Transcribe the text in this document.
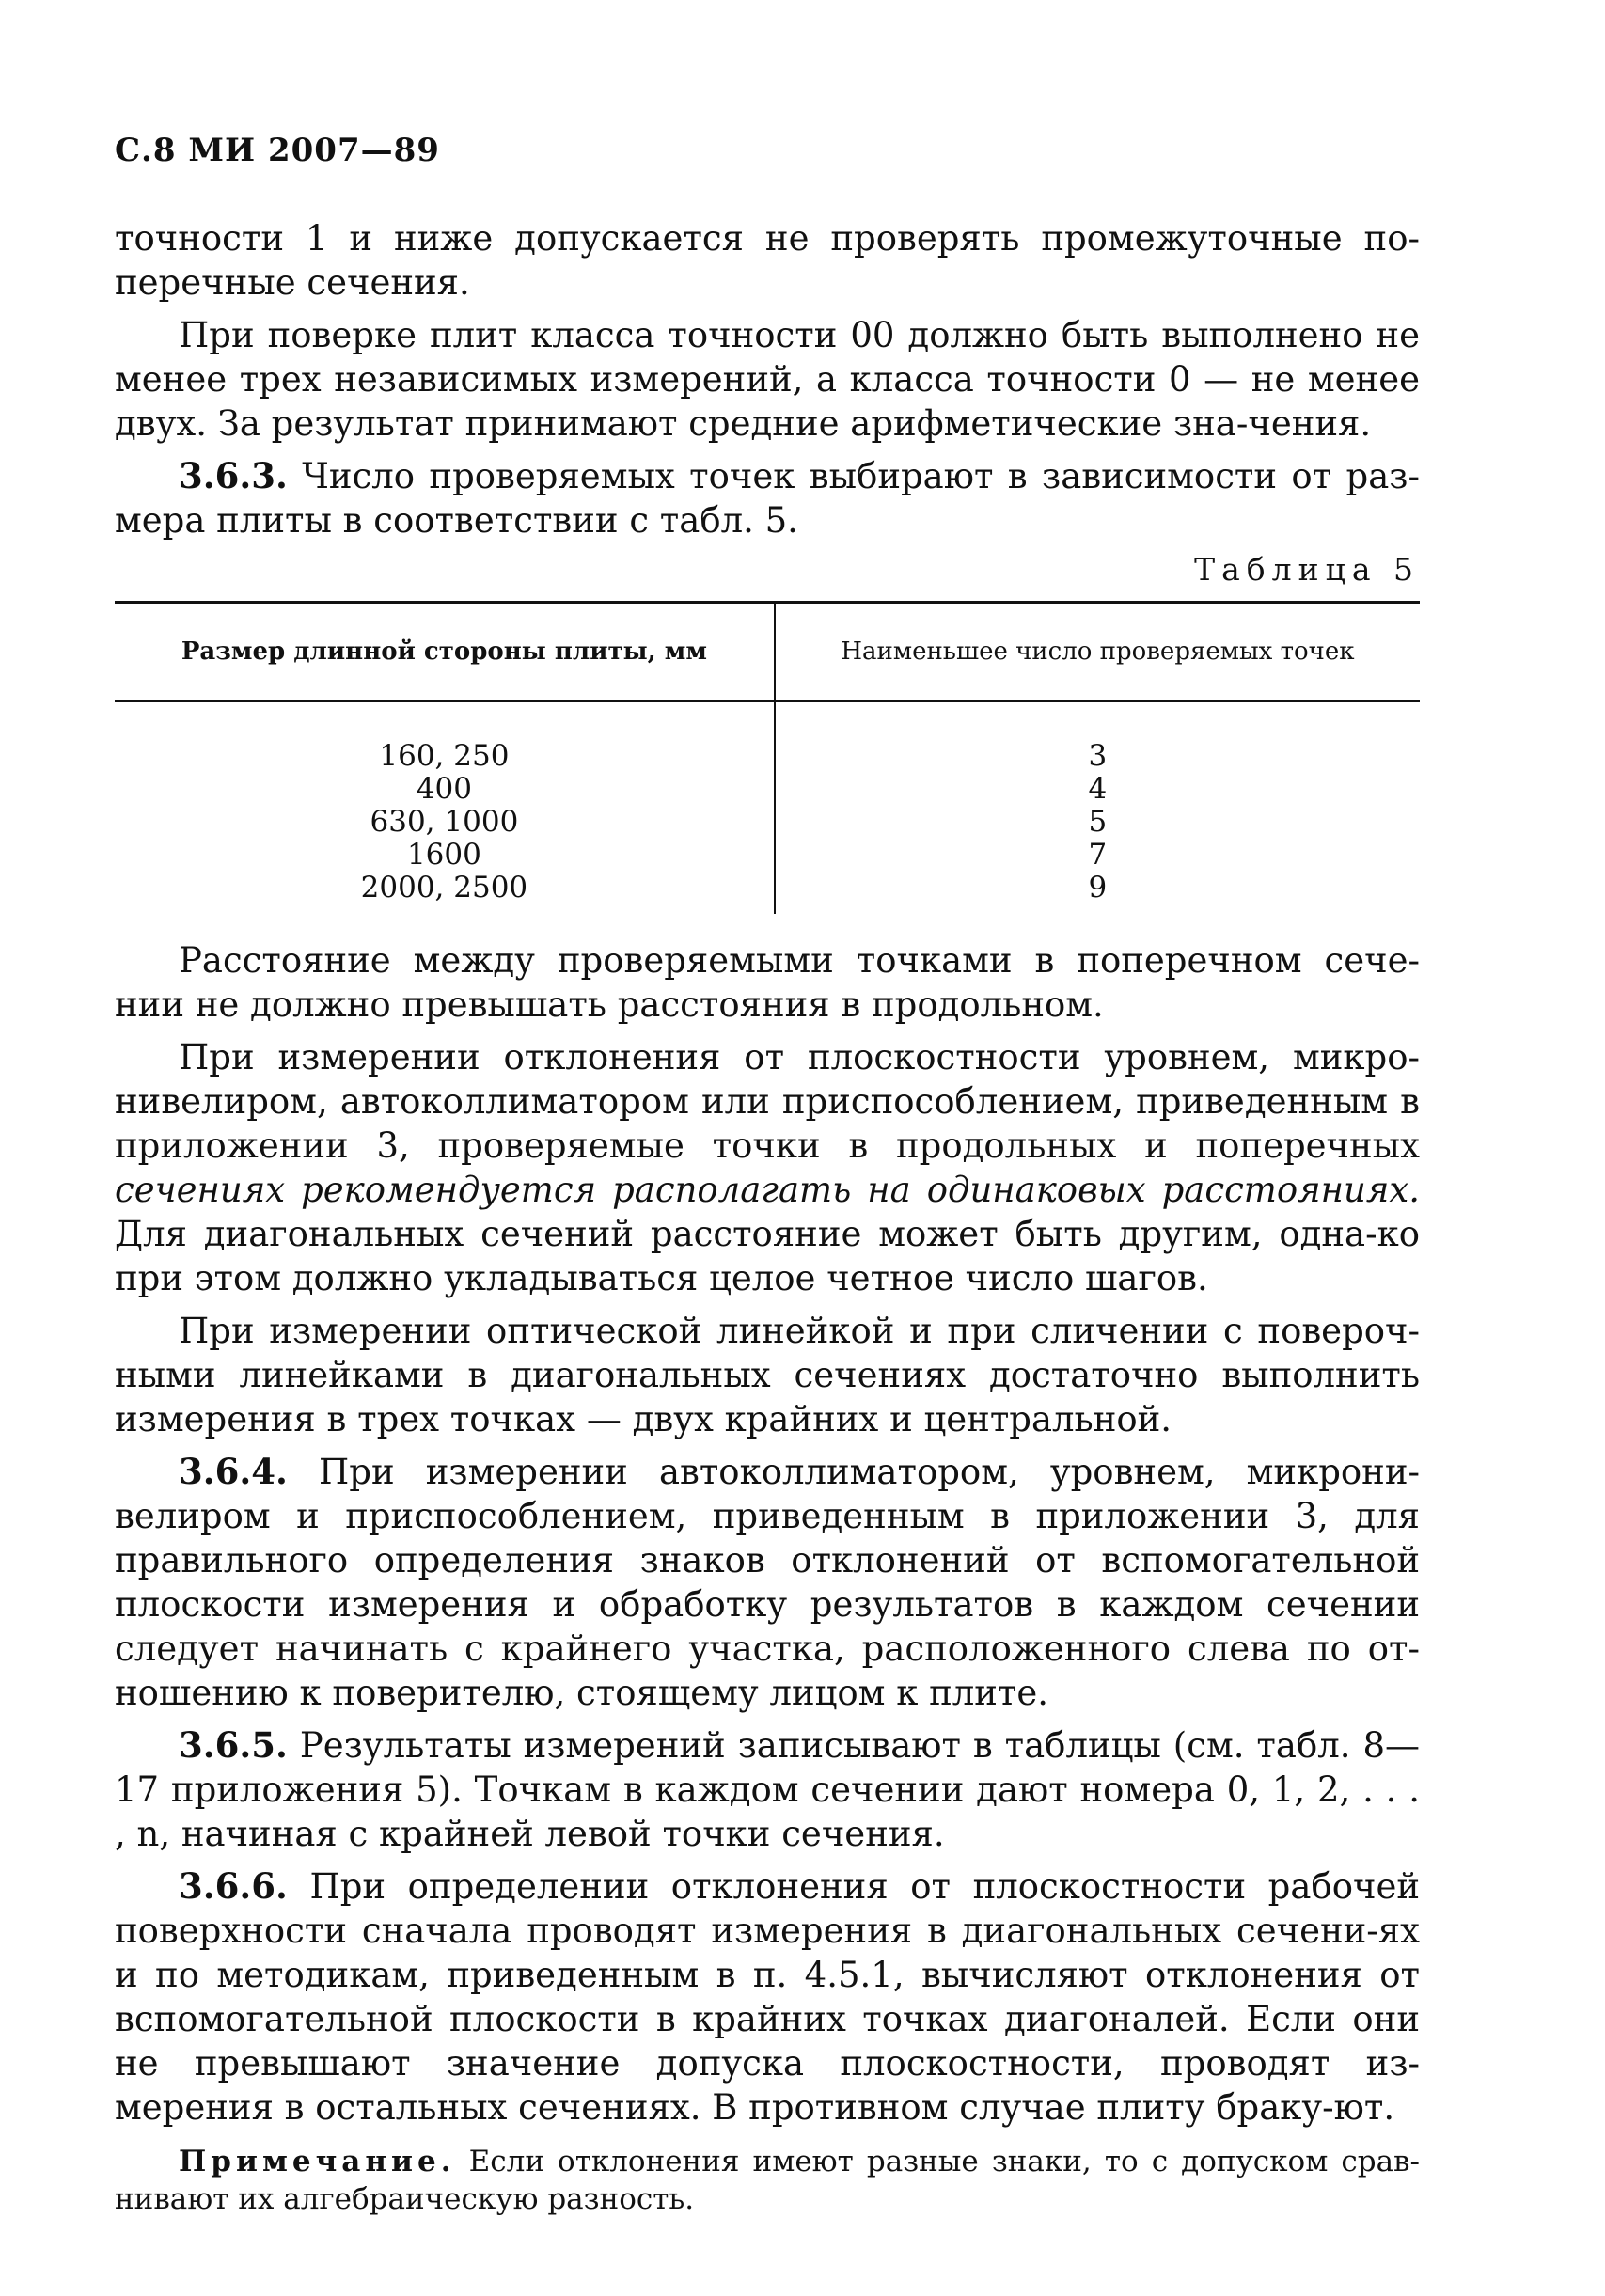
С.8 МИ 2007—89

точности 1 и ниже допускается не проверять промежуточные по-перечные сечения.

При поверке плит класса точности 00 должно быть выполнено не менее трех независимых измерений, а класса точности 0 — не менее двух. За результат принимают средние арифметические зна-чения.

3.6.3. Число проверяемых точек выбирают в зависимости от раз-мера плиты в соответствии с табл. 5.

Таблица 5
Размер длинной стороны плиты, мм	Наименьшее число проверяемых точек
160, 250	3
400	4
630, 1000	5
1600	7
2000, 2500	9

Расстояние между проверяемыми точками в поперечном сече-нии не должно превышать расстояния в продольном.

При измерении отклонения от плоскостности уровнем, микро-нивелиром, автоколлиматором или приспособлением, приведенным в приложении 3, проверяемые точки в продольных и поперечных сечениях рекомендуется располагать на одинаковых расстояниях. Для диагональных сечений расстояние может быть другим, одна-ко при этом должно укладываться целое четное число шагов.

При измерении оптической линейкой и при сличении с повероч-ными линейками в диагональных сечениях достаточно выполнить измерения в трех точках — двух крайних и центральной.

3.6.4. При измерении автоколлиматором, уровнем, микрони-велиром и приспособлением, приведенным в приложении 3, для правильного определения знаков отклонений от вспомогательной плоскости измерения и обработку результатов в каждом сечении следует начинать с крайнего участка, расположенного слева по от-ношению к поверителю, стоящему лицом к плите.

3.6.5. Результаты измерений записывают в таблицы (см. табл. 8—17 приложения 5). Точкам в каждом сечении дают номера 0, 1, 2, . . . , n, начиная с крайней левой точки сечения.

3.6.6. При определении отклонения от плоскостности рабочей поверхности сначала проводят измерения в диагональных сечени-ях и по методикам, приведенным в п. 4.5.1, вычисляют отклонения от вспомогательной плоскости в крайних точках диагоналей. Если они не превышают значение допуска плоскостности, проводят из-мерения в остальных сечениях. В противном случае плиту браку-ют.

Примечание. Если отклонения имеют разные знаки, то с допуском срав-нивают их алгебраическую разность.
